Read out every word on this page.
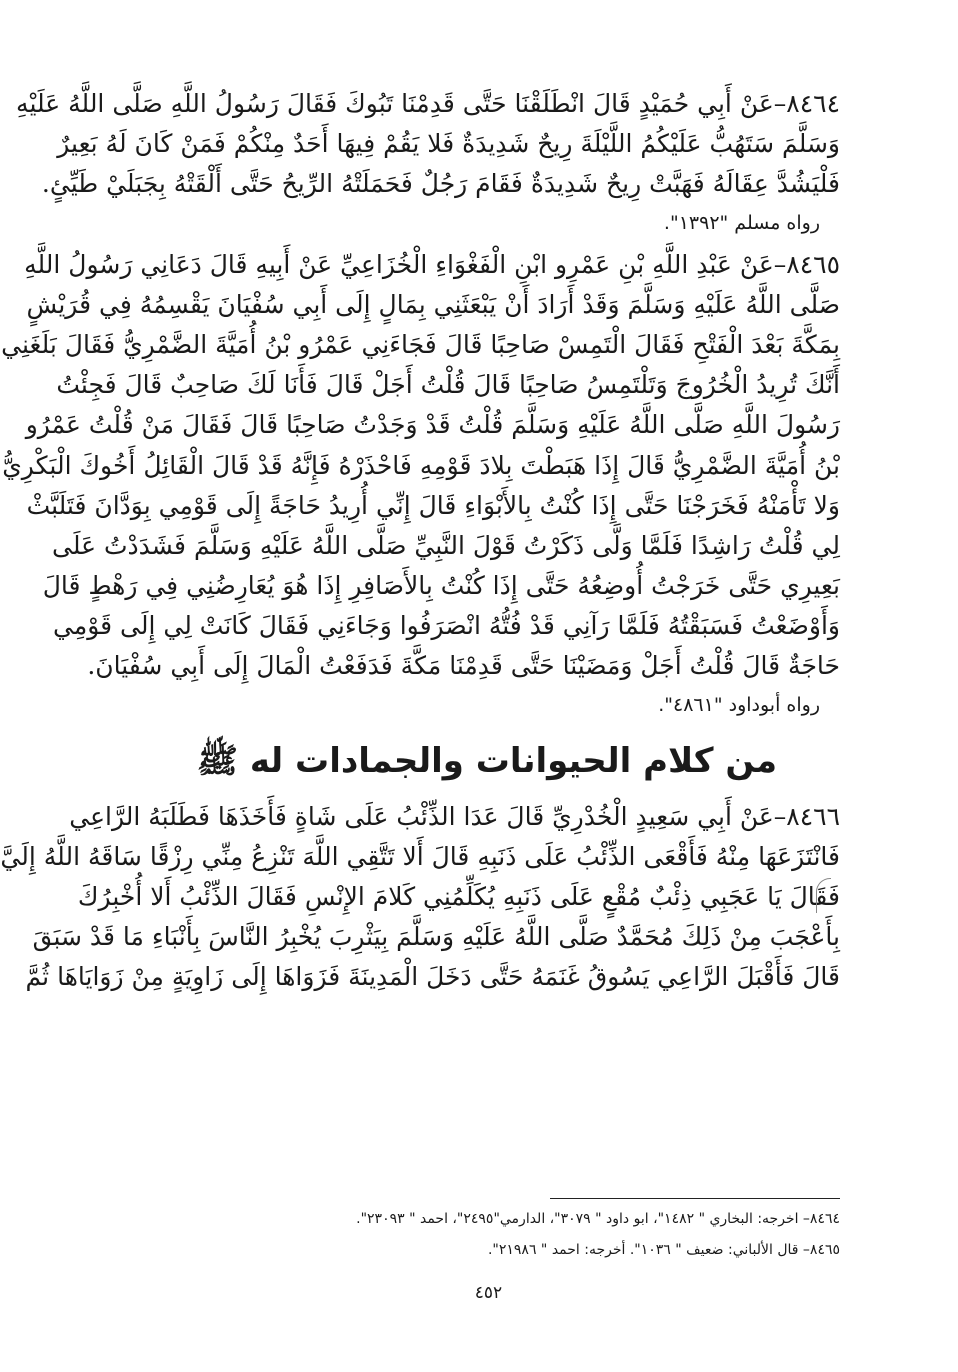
٨٤٦٤–عَنْ أَبِي حُمَيْدٍ قَالَ انْطَلَقْنَا حَتَّى قَدِمْنَا تَبُوكَ فَقَالَ رَسُولُ اللَّهِ صَلَّى اللَّهُ عَلَيْهِ
وَسَلَّمَ سَتَهُبُّ عَلَيْكُمُ اللَّيْلَةَ رِيحٌ شَدِيدَةٌ فَلا يَقُمْ فِيهَا أَحَدٌ مِنْكُمْ فَمَنْ كَانَ لَهُ بَعِيرٌ
فَلْيَشُدَّ عِقَالَهُ فَهَبَّتْ رِيحٌ شَدِيدَةٌ فَقَامَ رَجُلٌ فَحَمَلَتْهُ الرِّيحُ حَتَّى أَلْقَتْهُ بِجَبَلَيْ طَيِّئٍ.
رواه مسلم "١٣٩٢".
٨٤٦٥–عَنْ عَبْدِ اللَّهِ بْنِ عَمْرِو ابْنِ الْفَغْوَاءِ الْخُزَاعِيِّ عَنْ أَبِيهِ قَالَ دَعَانِي رَسُولُ اللَّهِ
صَلَّى اللَّهُ عَلَيْهِ وَسَلَّمَ وَقَدْ أَرَادَ أَنْ يَبْعَثَنِي بِمَالٍ إِلَى أَبِي سُفْيَانَ يَقْسِمُهُ فِي قُرَيْشٍ
بِمَكَّةَ بَعْدَ الْفَتْحِ فَقَالَ الْتَمِسْ صَاحِبًا قَالَ فَجَاءَنِي عَمْرُو بْنُ أُمَيَّةَ الضَّمْرِيُّ فَقَالَ بَلَغَنِي
أَنَّكَ تُرِيدُ الْخُرُوجَ وَتَلْتَمِسُ صَاحِبًا قَالَ قُلْتُ أَجَلْ قَالَ فَأَنَا لَكَ صَاحِبٌ قَالَ فَجِئْتُ
رَسُولَ اللَّهِ صَلَّى اللَّهُ عَلَيْهِ وَسَلَّمَ قُلْتُ قَدْ وَجَدْتُ صَاحِبًا قَالَ فَقَالَ مَنْ قُلْتُ عَمْرُو
بْنُ أُمَيَّةَ الضَّمْرِيُّ قَالَ إِذَا هَبَطْتَ بِلادَ قَوْمِهِ فَاحْذَرْهُ فَإِنَّهُ قَدْ قَالَ الْقَائِلُ أَخُوكَ الْبَكْرِيُّ
وَلا تَأْمَنْهُ فَخَرَجْنَا حَتَّى إِذَا كُنْتُ بِالأَبْوَاءِ قَالَ إِنِّي أُرِيدُ حَاجَةً إِلَى قَوْمِي بِوَدَّانَ فَتَلَبَّثْ
لِي قُلْتُ رَاشِدًا فَلَمَّا وَلَّى ذَكَرْتُ قَوْلَ النَّبِيِّ صَلَّى اللَّهُ عَلَيْهِ وَسَلَّمَ فَشَدَدْتُ عَلَى
بَعِيرِي حَتَّى خَرَجْتُ أُوضِعُهُ حَتَّى إِذَا كُنْتُ بِالأَصَافِرِ إِذَا هُوَ يُعَارِضُنِي فِي رَهْطٍ قَالَ
وَأَوْضَعْتُ فَسَبَقْتُهُ فَلَمَّا رَآنِي قَدْ فُتُّهُ انْصَرَفُوا وَجَاءَنِي فَقَالَ كَانَتْ لِي إِلَى قَوْمِي
حَاجَةٌ قَالَ قُلْتُ أَجَلْ وَمَضَيْنَا حَتَّى قَدِمْنَا مَكَّةَ فَدَفَعْتُ الْمَالَ إِلَى أَبِي سُفْيَانَ.
رواه أبوداود "٤٨٦١".
من كلام الحيوانات والجمادات له ﷺ
٨٤٦٦–عَنْ أَبِي سَعِيدٍ الْخُدْرِيِّ قَالَ عَدَا الذِّئْبُ عَلَى شَاةٍ فَأَخَذَهَا فَطَلَبَهُ الرَّاعِي
فَانْتَزَعَهَا مِنْهُ فَأَقْعَى الذِّئْبُ عَلَى ذَنَبِهِ قَالَ أَلا تَتَّقِي اللَّهَ تَنْزِعُ مِنِّي رِزْقًا سَاقَهُ اللَّهُ إِلَيَّ
فَقَالَ يَا عَجَبِي ذِئْبٌ مُقْعٍ عَلَى ذَنَبِهِ يُكَلِّمُنِي كَلامَ الإِنْسِ فَقَالَ الذِّئْبُ أَلا أُخْبِرُكَ
بِأَعْجَبَ مِنْ ذَلِكَ مُحَمَّدٌ صَلَّى اللَّهُ عَلَيْهِ وَسَلَّمَ بِيَثْرِبَ يُخْبِرُ النَّاسَ بِأَنْبَاءِ مَا قَدْ سَبَقَ
قَالَ فَأَقْبَلَ الرَّاعِي يَسُوقُ غَنَمَهُ حَتَّى دَخَلَ الْمَدِينَةَ فَزَوَاهَا إِلَى زَاوِيَةٍ مِنْ زَوَايَاهَا ثُمَّ
٨٤٦٤– اخرجه: البخاري " ١٤٨٢"، ابو داود " ٣٠٧٩"، الدارمي"٢٤٩٥"، احمد " ٢٣٠٩٣".
٨٤٦٥– قال الألباني: ضعيف " ١٠٣٦". أخرجه: احمد " ٢١٩٨٦".
٤٥٢
